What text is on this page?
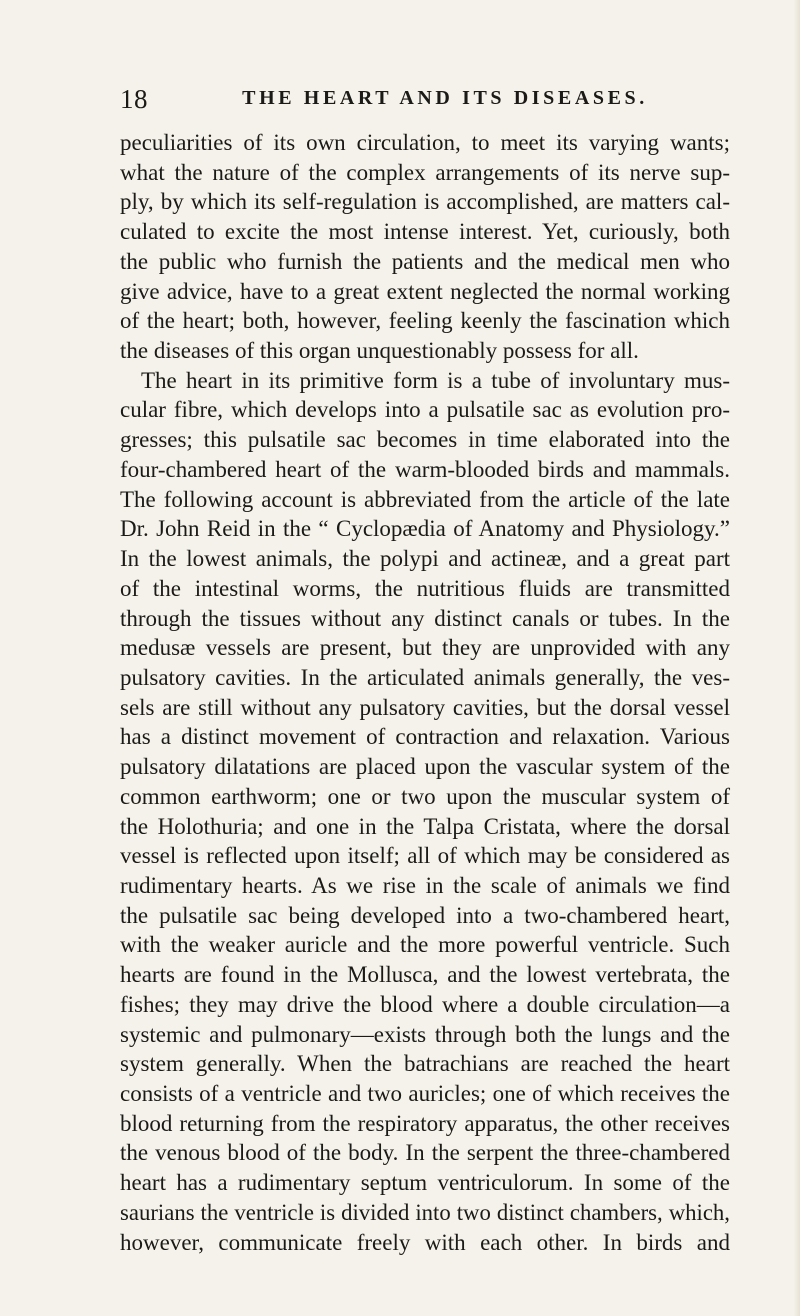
18	THE HEART AND ITS DISEASES.
peculiarities of its own circulation, to meet its varying wants;
what the nature of the complex arrangements of its nerve sup-
ply, by which its self-regulation is accomplished, are matters cal-
culated to excite the most intense interest. Yet, curiously, both
the public who furnish the patients and the medical men who
give advice, have to a great extent neglected the normal working
of the heart; both, however, feeling keenly the fascination which
the diseases of this organ unquestionably possess for all.
The heart in its primitive form is a tube of involuntary mus-
cular fibre, which develops into a pulsatile sac as evolution pro-
gresses; this pulsatile sac becomes in time elaborated into the
four-chambered heart of the warm-blooded birds and mammals.
The following account is abbreviated from the article of the late
Dr. John Reid in the “ Cyclopædia of Anatomy and Physiology.”
In the lowest animals, the polypi and actineæ, and a great part
of the intestinal worms, the nutritious fluids are transmitted
through the tissues without any distinct canals or tubes. In the
medusæ vessels are present, but they are unprovided with any
pulsatory cavities. In the articulated animals generally, the ves-
sels are still without any pulsatory cavities, but the dorsal vessel
has a distinct movement of contraction and relaxation. Various
pulsatory dilatations are placed upon the vascular system of the
common earthworm; one or two upon the muscular system of
the Holothuria; and one in the Talpa Cristata, where the dorsal
vessel is reflected upon itself; all of which may be considered as
rudimentary hearts. As we rise in the scale of animals we find
the pulsatile sac being developed into a two-chambered heart,
with the weaker auricle and the more powerful ventricle. Such
hearts are found in the Mollusca, and the lowest vertebrata, the
fishes; they may drive the blood where a double circulation—a
systemic and pulmonary—exists through both the lungs and the
system generally. When the batrachians are reached the heart
consists of a ventricle and two auricles; one of which receives the
blood returning from the respiratory apparatus, the other receives
the venous blood of the body. In the serpent the three-chambered
heart has a rudimentary septum ventriculorum. In some of the
saurians the ventricle is divided into two distinct chambers, which,
however, communicate freely with each other. In birds and
